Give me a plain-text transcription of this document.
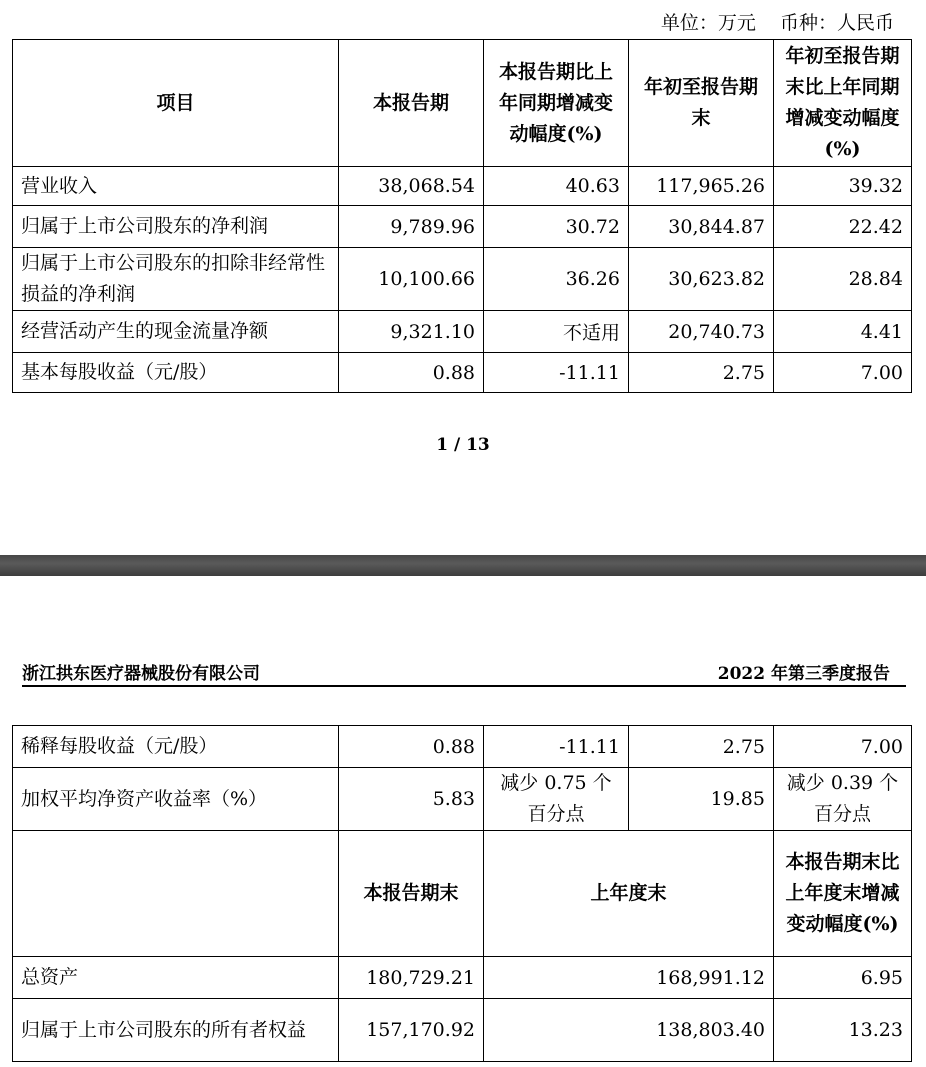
单位：万元    币种：人民币
项目	本报告期	本报告期比上年同期增减变动幅度(%)	年初至报告期末	年初至报告期末比上年同期增减变动幅度(%)
营业收入	38,068.54	40.63	117,965.26	39.32
归属于上市公司股东的净利润	9,789.96	30.72	30,844.87	22.42
归属于上市公司股东的扣除非经常性损益的净利润	10,100.66	36.26	30,623.82	28.84
经营活动产生的现金流量净额	9,321.10	不适用	20,740.73	4.41
基本每股收益（元/股）	0.88	-11.11	2.75	7.00
1 / 13
浙江拱东医疗器械股份有限公司	2022 年第三季度报告
稀释每股收益（元/股）	0.88	-11.11	2.75	7.00
加权平均净资产收益率（%）	5.83	减少 0.75 个百分点	19.85	减少 0.39 个百分点
	本报告期末	上年度末		本报告期末比上年度末增减变动幅度(%)
总资产	180,729.21	168,991.12		6.95
归属于上市公司股东的所有者权益	157,170.92	138,803.40		13.23
